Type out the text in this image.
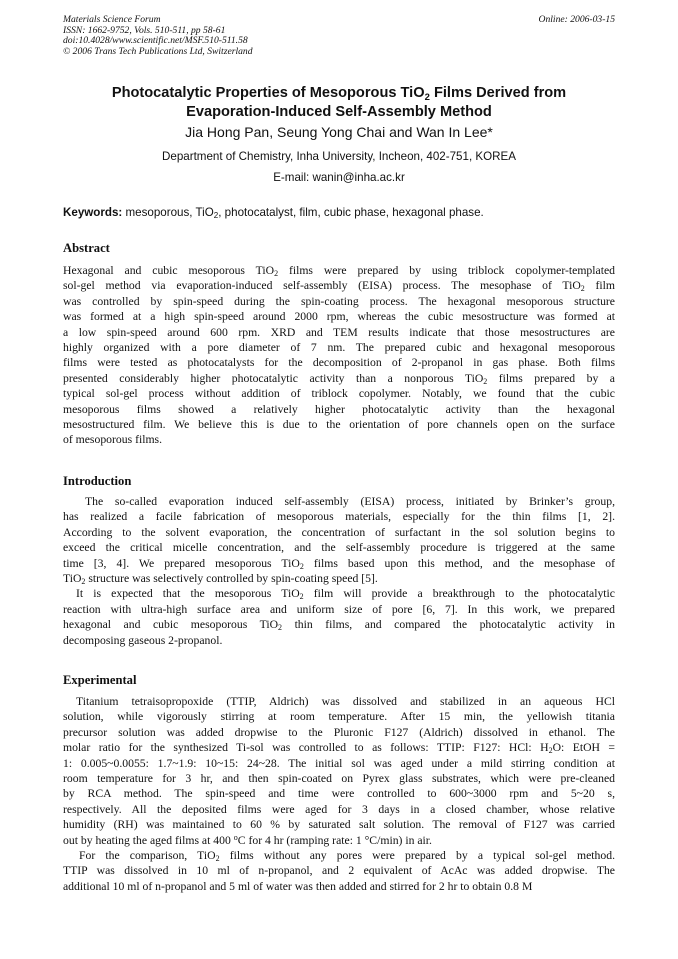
Materials Science Forum
ISSN: 1662-9752, Vols. 510-511, pp 58-61
doi:10.4028/www.scientific.net/MSF.510-511.58
© 2006 Trans Tech Publications Ltd, Switzerland
Online: 2006-03-15
Photocatalytic Properties of Mesoporous TiO$_2$ Films Derived from
Evaporation-Induced Self-Assembly Method
Jia Hong Pan, Seung Yong Chai and Wan In Lee*
Department of Chemistry, Inha University, Incheon, 402-751, KOREA
E-mail: wanin@inha.ac.kr
Keywords: mesoporous, TiO$_2$, photocatalyst, film, cubic phase, hexagonal phase.
Abstract
Hexagonal and cubic mesoporous TiO$_2$ films were prepared by using triblock copolymer-templated
sol-gel method via evaporation-induced self-assembly (EISA) process. The mesophase of TiO$_2$ film
was controlled by spin-speed during the spin-coating process. The hexagonal mesoporous structure
was formed at a high spin-speed around 2000 rpm, whereas the cubic mesostructure was formed at
a low spin-speed around 600 rpm. XRD and TEM results indicate that those mesostructures are
highly organized with a pore diameter of 7 nm. The prepared cubic and hexagonal mesoporous
films were tested as photocatalysts for the decomposition of 2-propanol in gas phase. Both films
presented considerably higher photocatalytic activity than a nonporous TiO$_2$ films prepared by a
typical sol-gel process without addition of triblock copolymer. Notably, we found that the cubic
mesoporous films showed a relatively higher photocatalytic activity than the hexagonal
mesostructured film. We believe this is due to the orientation of pore channels open on the surface
of mesoporous films.
Introduction
The so-called evaporation induced self-assembly (EISA) process, initiated by Brinker’s group,
has realized a facile fabrication of mesoporous materials, especially for the thin films [1, 2].
According to the solvent evaporation, the concentration of surfactant in the sol solution begins to
exceed the critical micelle concentration, and the self-assembly procedure is triggered at the same
time [3, 4]. We prepared mesoporous TiO$_2$ films based upon this method, and the mesophase of
TiO$_2$ structure was selectively controlled by spin-coating speed [5].
It is expected that the mesoporous TiO$_2$ film will provide a breakthrough to the photocatalytic
reaction with ultra-high surface area and uniform size of pore [6, 7]. In this work, we prepared
hexagonal and cubic mesoporous TiO$_2$ thin films, and compared the photocatalytic activity in
decomposing gaseous 2-propanol.
Experimental
Titanium tetraisopropoxide (TTIP, Aldrich) was dissolved and stabilized in an aqueous HCl
solution, while vigorously stirring at room temperature. After 15 min, the yellowish titania
precursor solution was added dropwise to the Pluronic F127 (Aldrich) dissolved in ethanol. The
molar ratio for the synthesized Ti-sol was controlled to as follows: TTIP: F127: HCl: $H_2O$: EtOH =
1: 0.005~0.0055: 1.7~1.9: 10~15: 24~28. The initial sol was aged under a mild stirring condition at
room temperature for 3 hr, and then spin-coated on Pyrex glass substrates, which were pre-cleaned
by RCA method. The spin-speed and time were controlled to 600~3000 rpm and 5~20 s,
respectively. All the deposited films were aged for 3 days in a closed chamber, whose relative
humidity (RH) was maintained to 60 % by saturated salt solution. The removal of F127 was carried
out by heating the aged films at 400 $^o$C for 4 hr (ramping rate: 1 °C/min) in air.
For the comparison, TiO$_2$ films without any pores were prepared by a typical sol-gel method.
TTIP was dissolved in 10 ml of n-propanol, and 2 equivalent of AcAc was added dropwise. The
additional 10 ml of n-propanol and 5 ml of water was then added and stirred for 2 hr to obtain 0.8 M
